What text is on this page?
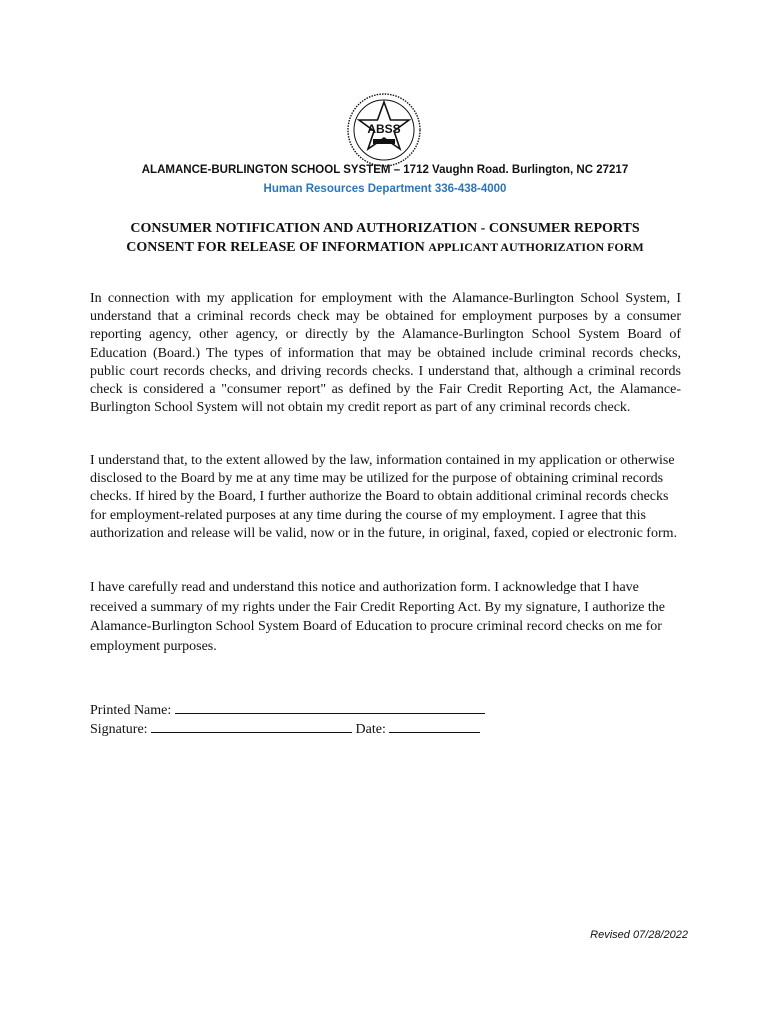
ABSS
ALAMANCE-BURLINGTON SCHOOL SYSTEM – 1712 Vaughn Road. Burlington, NC 27217
Human Resources Department 336-438-4000
CONSUMER NOTIFICATION AND AUTHORIZATION - CONSUMER REPORTS
CONSENT FOR RELEASE OF INFORMATION APPLICANT AUTHORIZATION FORM

In connection with my application for employment with the Alamance-Burlington School System, I understand that a criminal records check may be obtained for employment purposes by a consumer reporting agency, other agency, or directly by the Alamance-Burlington School System Board of Education (Board.) The types of information that may be obtained include criminal records checks, public court records checks, and driving records checks. I understand that, although a criminal records check is considered a "consumer report" as defined by the Fair Credit Reporting Act, the Alamance-Burlington School System will not obtain my credit report as part of any criminal records check.

I understand that, to the extent allowed by the law, information contained in my application or otherwise disclosed to the Board by me at any time may be utilized for the purpose of obtaining criminal records checks. If hired by the Board, I further authorize the Board to obtain additional criminal records checks for employment-related purposes at any time during the course of my employment. I agree that this authorization and release will be valid, now or in the future, in original, faxed, copied or electronic form.

I have carefully read and understand this notice and authorization form. I acknowledge that I have received a summary of my rights under the Fair Credit Reporting Act. By my signature, I authorize the Alamance-Burlington School System Board of Education to procure criminal record checks on me for employment purposes.

Printed Name:
Signature:	Date:
Revised 07/28/2022
